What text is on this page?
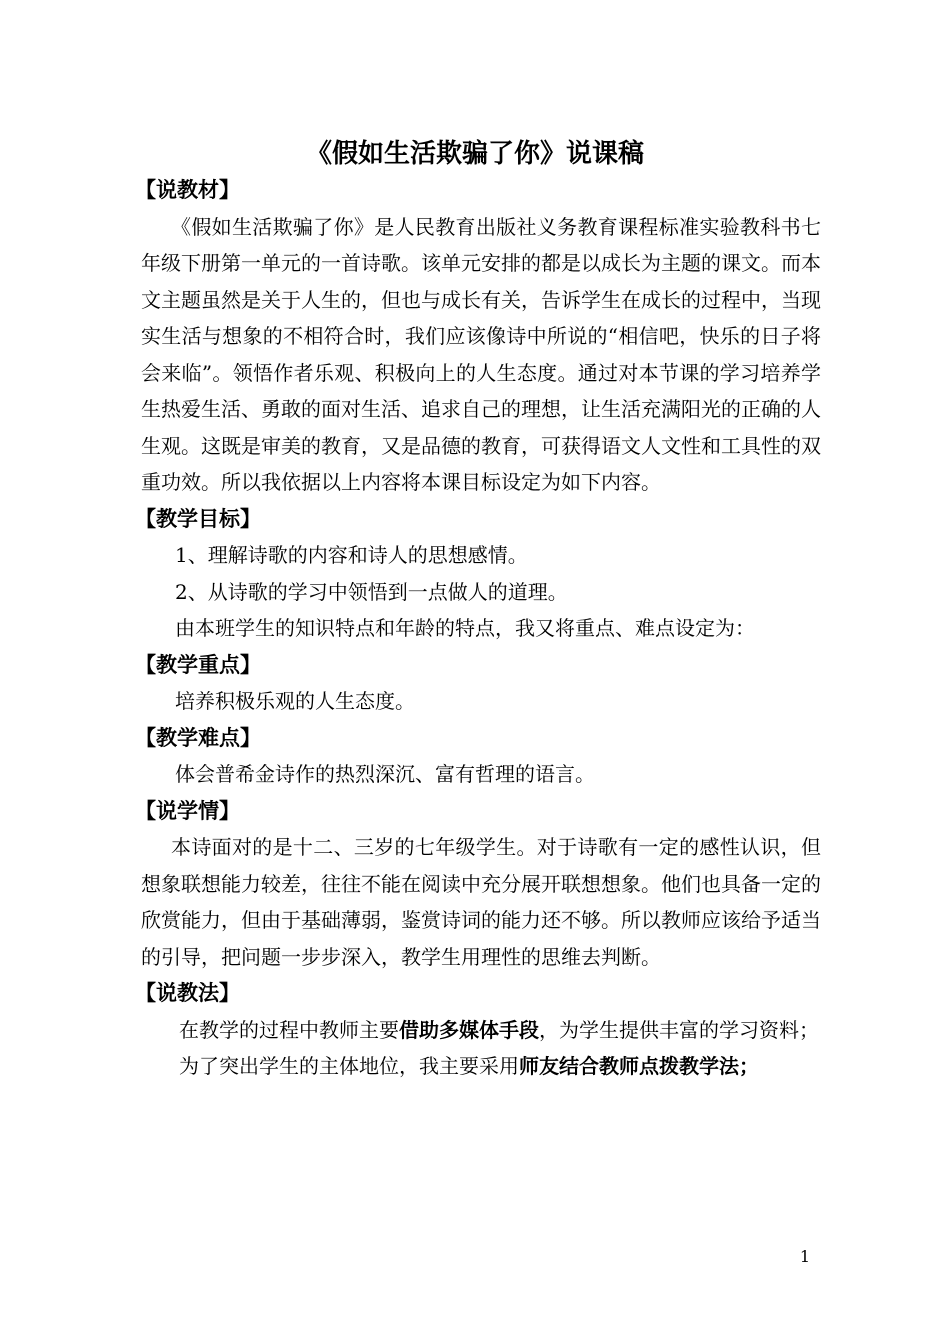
《假如生活欺骗了你》说课稿
【说教材】
《假如生活欺骗了你》是人民教育出版社义务教育课程标准实验教科书七年级下册第一单元的一首诗歌。该单元安排的都是以成长为主题的课文。而本文主题虽然是关于人生的，但也与成长有关，告诉学生在成长的过程中，当现实生活与想象的不相符合时，我们应该像诗中所说的“相信吧，快乐的日子将会来临”。领悟作者乐观、积极向上的人生态度。通过对本节课的学习培养学生热爱生活、勇敢的面对生活、追求自己的理想，让生活充满阳光的正确的人生观。这既是审美的教育，又是品德的教育，可获得语文人文性和工具性的双重功效。所以我依据以上内容将本课目标设定为如下内容。
【教学目标】
1、理解诗歌的内容和诗人的思想感情。
2、从诗歌的学习中领悟到一点做人的道理。
由本班学生的知识特点和年龄的特点，我又将重点、难点设定为：
【教学重点】
培养积极乐观的人生态度。
【教学难点】
体会普希金诗作的热烈深沉、富有哲理的语言。
【说学情】
本诗面对的是十二、三岁的七年级学生。对于诗歌有一定的感性认识，但想象联想能力较差，往往不能在阅读中充分展开联想想象。他们也具备一定的欣赏能力，但由于基础薄弱，鉴赏诗词的能力还不够。所以教师应该给予适当的引导，把问题一步步深入，教学生用理性的思维去判断。
【说教法】
在教学的过程中教师主要借助多媒体手段，为学生提供丰富的学习资料；
为了突出学生的主体地位，我主要采用师友结合教师点拨教学法；
1
